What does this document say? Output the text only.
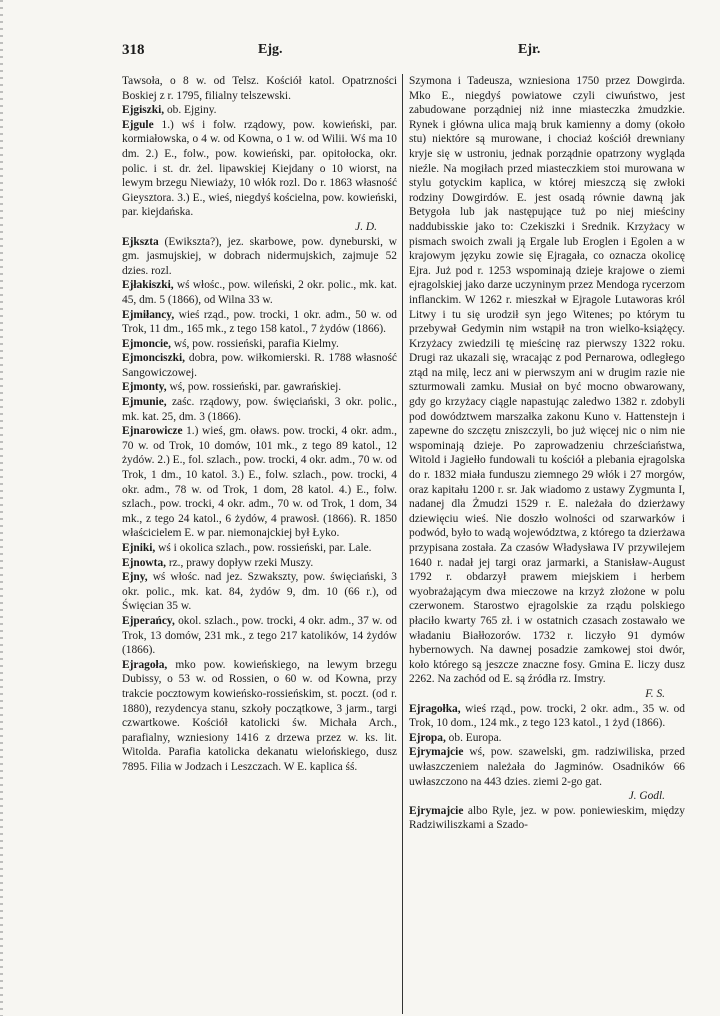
318	Ejg.	Ejr.

Tawsoła, o 8 w. od Telsz. Kościół katol. Opatrzności Boskiej z r. 1795, filialny telszewski.

Ejgiszki, ob. Ejginy.

Ejgule 1.) wś i folw. rządowy, pow. kowieński, par. kormiałowska, o 4 w. od Kowna, o 1 w. od Wilii. Wś ma 10 dm. 2.) E., folw., pow. kowieński, par. opitołocka, okr. polic. i st. dr. żel. lipawskiej Kiejdany o 10 wiorst, na lewym brzegu Niewiaży, 10 włók rozl. Do r. 1863 własność Gieysztora. 3.) E., wieś, niegdyś kościelna, pow. kowieński, par. kiejdańska.
J. D.

Ejkszta (Ewikszta?), jez. skarbowe, pow. dyneburski, w gm. jasmujskiej, w dobrach nidermujskich, zajmuje 52 dzies. rozl.

Ejłakiszki, wś włośc., pow. wileński, 2 okr. polic., mk. kat. 45, dm. 5 (1866), od Wilna 33 w.

Ejmiłancy, wieś rząd., pow. trocki, 1 okr. adm., 50 w. od Trok, 11 dm., 165 mk., z tego 158 katol., 7 żydów (1866).

Ejmoncie, wś, pow. rossieński, parafia Kielmy.

Ejmonciszki, dobra, pow. wiłkomierski. R. 1788 własność Sangowiczowej.

Ejmonty, wś, pow. rossieński, par. gawrańskiej.

Ejmunie, zaśc. rządowy, pow. święciański, 3 okr. polic., mk. kat. 25, dm. 3 (1866).

Ejnarowicze 1.) wieś, gm. oławs. pow. trocki, 4 okr. adm., 70 w. od Trok, 10 domów, 101 mk., z tego 89 katol., 12 żydów. 2.) E., fol. szlach., pow. trocki, 4 okr. adm., 70 w. od Trok, 1 dm., 10 katol. 3.) E., folw. szlach., pow. trocki, 4 okr. adm., 78 w. od Trok, 1 dom, 28 katol. 4.) E., folw. szlach., pow. trocki, 4 okr. adm., 70 w. od Trok, 1 dom, 34 mk., z tego 24 katol., 6 żydów, 4 prawosł. (1866). R. 1850 właścicielem E. w par. niemonajckiej był Łyko.

Ejniki, wś i okolica szlach., pow. rossieński, par. Lale.

Ejnowta, rz., prawy dopływ rzeki Muszy.

Ejny, wś włośc. nad jez. Szwakszty, pow. święciański, 3 okr. polic., mk. kat. 84, żydów 9, dm. 10 (66 r.), od Święcian 35 w.

Ejperańcy, okol. szlach., pow. trocki, 4 okr. adm., 37 w. od Trok, 13 domów, 231 mk., z tego 217 katolików, 14 żydów (1866).

Ejragoła, mko pow. kowieńskiego, na lewym brzegu Dubissy, o 53 w. od Rossien, o 60 w. od Kowna, przy trakcie pocztowym kowieńsko-rossieńskim, st. poczt. (od r. 1880), rezydencya stanu, szkoły początkowe, 3 jarm., targi czwartkowe. Kościół katolicki św. Michała Arch., parafialny, wzniesiony 1416 z drzewa przez w. ks. lit. Witolda. Parafia katolicka dekanatu wielońskiego, dusz 7895. Filia w Jodzach i Leszczach. W E. kaplica śś.

Szymona i Tadeusza, wzniesiona 1750 przez Dowgirda. Mko E., niegdyś powiatowe czyli ciwuństwo, jest zabudowane porządniej niż inne miasteczka żmudzkie. Rynek i główna ulica mają bruk kamienny a domy (około stu) niektóre są murowane, i chociaż kościół drewniany kryje się w ustroniu, jednak porządnie opatrzony wygląda nieźle. Na mogiłach przed miasteczkiem stoi murowana w stylu gotyckim kaplica, w której mieszczą się zwłoki rodziny Dowgirdów. E. jest osadą równie dawną jak Betygoła lub jak następujące tuż po niej mieściny naddubisskie jako to: Czekiszki i Srednik. Krzyżacy w pismach swoich zwali ją Ergale lub Eroglen i Egolen a w krajowym języku zowie się Ejragała, co oznacza okolicę Ejra. Już pod r. 1253 wspominają dzieje krajowe o ziemi ejragolskiej jako darze uczyninym przez Mendoga rycerzom inflanckim. W 1262 r. mieszkał w Ejragole Lutaworas król Litwy i tu się urodził syn jego Witenes; po którym tu przebywał Gedymin nim wstąpił na tron wielko-książęcy. Krzyżacy zwiedzili tę mieścinę raz pierwszy 1322 roku. Drugi raz ukazali się, wracając z pod Pernarowa, odległego ztąd na milę, lecz ani w pierwszym ani w drugim razie nie szturmowali zamku. Musiał on być mocno obwarowany, gdy go krzyżacy ciągle napastując zaledwo 1382 r. zdobyli pod dowództwem marszałka zakonu Kuno v. Hattenstejn i zapewne do szczętu zniszczyli, bo już więcej nic o nim nie wspominają dzieje. Po zaprowadzeniu chrześciaństwa, Witold i Jagiełło fundowali tu kościół a plebania ejragolska do r. 1832 miała funduszu ziemnego 29 włók i 27 morgów, oraz kapitału 1200 r. sr. Jak wiadomo z ustawy Zygmunta I, nadanej dla Żmudzi 1529 r. E. należała do dzierżawy dziewięciu wieś. Nie doszło wolności od szarwarków i podwód, było to wadą województwa, z którego ta dzierżawa przypisana została. Za czasów Władysława IV przywilejem 1640 r. nadał jej targi oraz jarmarki, a Stanisław-August 1792 r. obdarzył prawem miejskiem i herbem wyobrażającym dwa mieczowe na krzyż złożone w polu czerwonem. Starostwo ejragolskie za rządu polskiego płaciło kwarty 765 zł. i w ostatnich czasach zostawało we władaniu Białłozorów. 1732 r. liczyło 91 dymów hybernowych. Na dawnej posadzie zamkowej stoi dwór, koło którego są jeszcze znaczne fosy. Gmina E. liczy dusz 2262. Na zachód od E. są źródła rz. Imstry.
F. S.

Ejragołka, wieś rząd., pow. trocki, 2 okr. adm., 35 w. od Trok, 10 dom., 124 mk., z tego 123 katol., 1 żyd (1866).

Ejropa, ob. Europa.

Ejrymajcie wś, pow. szawelski, gm. radziwiliska, przed uwłaszczeniem należała do Jagminów. Osadników 66 uwłaszczono na 443 dzies. ziemi 2-go gat.
J. Godl.

Ejrymajcie albo Ryle, jez. w pow. poniewieskim, między Radziwiliszkami a Szado-
